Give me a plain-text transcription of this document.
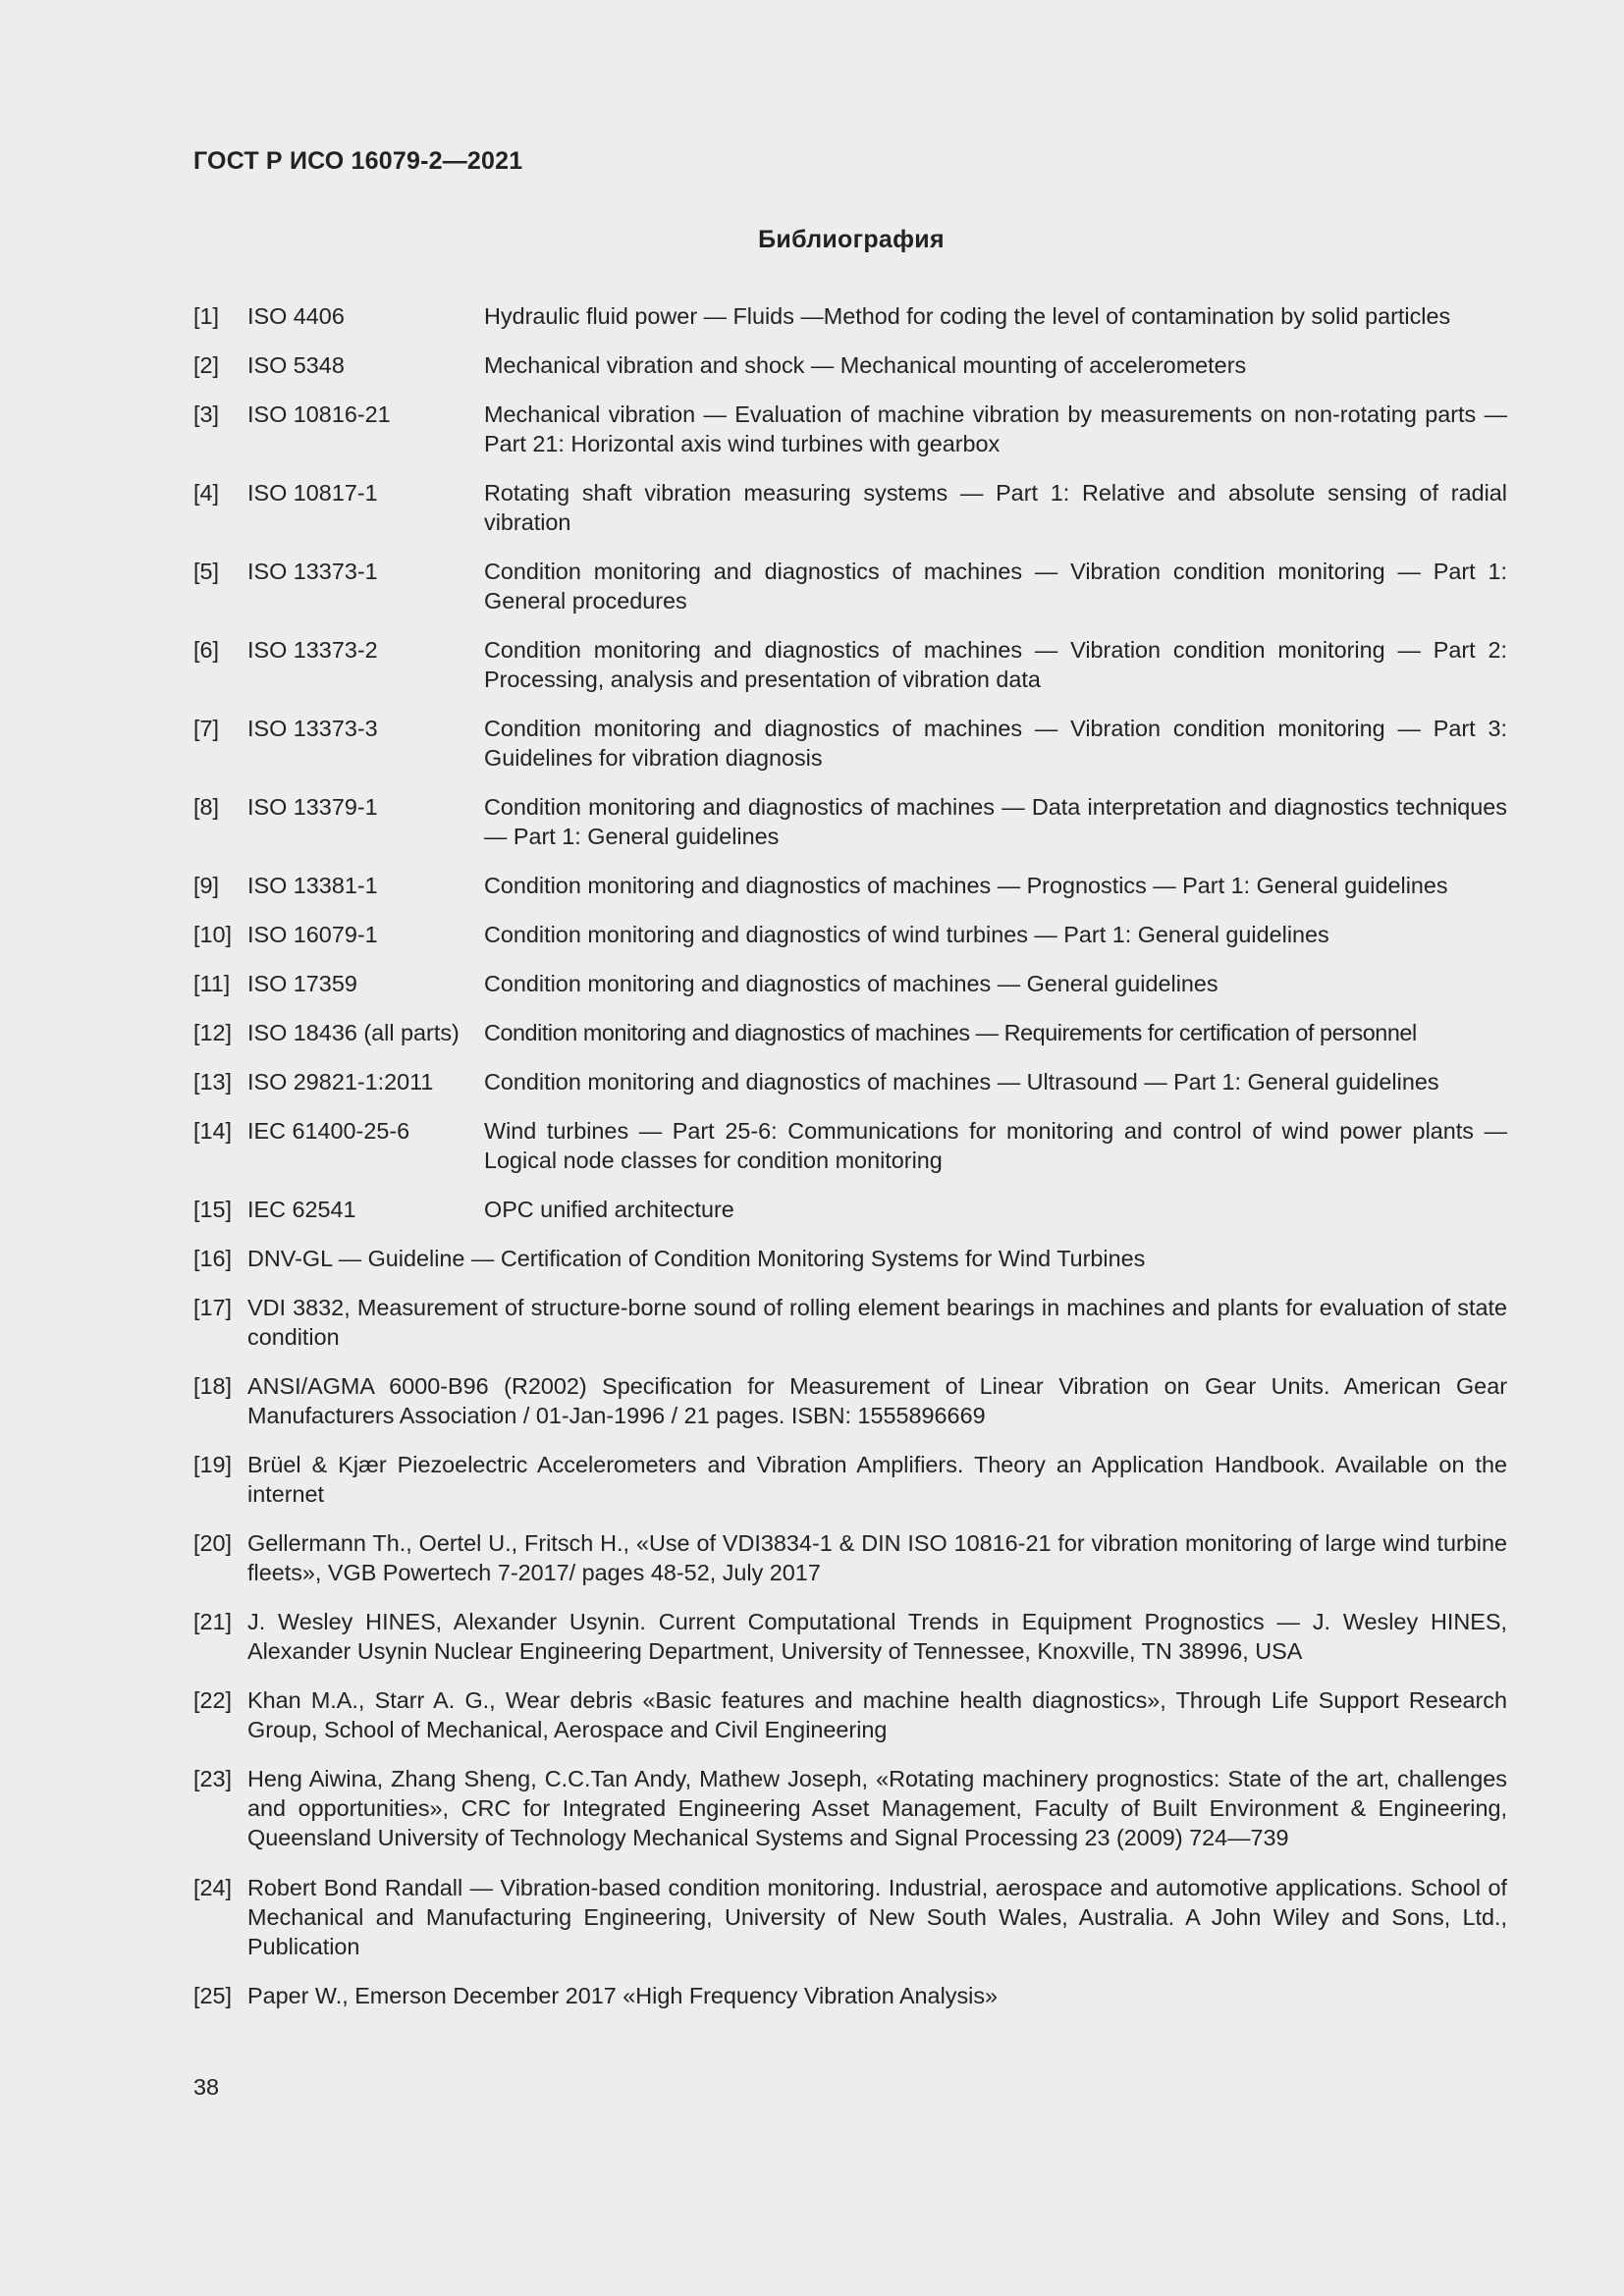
ГОСТ Р ИСО 16079-2—2021
Библиография
[1]	ISO 4406	Hydraulic fluid power — Fluids —Method for coding the level of contamination by solid particles
[2]	ISO 5348	Mechanical vibration and shock — Mechanical mounting of accelerometers
[3]	ISO 10816-21	Mechanical vibration — Evaluation of machine vibration by measurements on non-rotating parts — Part 21: Horizontal axis wind turbines with gearbox
[4]	ISO 10817-1	Rotating shaft vibration measuring systems — Part 1: Relative and absolute sensing of radial vibration
[5]	ISO 13373-1	Condition monitoring and diagnostics of machines — Vibration condition monitoring — Part 1: General procedures
[6]	ISO 13373-2	Condition monitoring and diagnostics of machines — Vibration condition monitoring — Part 2: Processing, analysis and presentation of vibration data
[7]	ISO 13373-3	Condition monitoring and diagnostics of machines — Vibration condition monitoring — Part 3: Guidelines for vibration diagnosis
[8]	ISO 13379-1	Condition monitoring and diagnostics of machines — Data interpretation and diagnostics techniques — Part 1: General guidelines
[9]	ISO 13381-1	Condition monitoring and diagnostics of machines — Prognostics — Part 1: General guidelines
[10] ISO 16079-1	Condition monitoring and diagnostics of wind turbines — Part 1: General guidelines
[11] ISO 17359	Condition monitoring and diagnostics of machines — General guidelines
[12] ISO 18436 (all parts)	Condition monitoring and diagnostics of machines — Requirements for certification of personnel
[13] ISO 29821-1:2011	Condition monitoring and diagnostics of machines — Ultrasound — Part 1: General guidelines
[14] IEC 61400-25-6	Wind turbines — Part 25-6: Communications for monitoring and control of wind power plants — Logical node classes for condition monitoring
[15] IEC 62541	OPC unified architecture
[16] DNV-GL — Guideline — Certification of Condition Monitoring Systems for Wind Turbines
[17] VDI 3832, Measurement of structure-borne sound of rolling element bearings in machines and plants for evaluation of state condition
[18] ANSI/AGMA 6000-B96 (R2002) Specification for Measurement of Linear Vibration on Gear Units. American Gear Manufacturers Association / 01-Jan-1996 / 21 pages. ISBN: 1555896669
[19] Brüel & Kjær Piezoelectric Accelerometers and Vibration Amplifiers. Theory an Application Handbook. Available on the internet
[20] Gellermann Th., Oertel U., Fritsch H., «Use of VDI3834-1 & DIN ISO 10816-21 for vibration monitoring of large wind turbine fleets», VGB Powertech 7-2017/ pages 48-52, July 2017
[21] J. Wesley HINES, Alexander Usynin. Current Computational Trends in Equipment Prognostics — J. Wesley HINES, Alexander Usynin Nuclear Engineering Department, University of Tennessee, Knoxville, TN 38996, USA
[22] Khan M.A., Starr A. G., Wear debris «Basic features and machine health diagnostics», Through Life Support Research Group, School of Mechanical, Aerospace and Civil Engineering
[23] Heng Aiwina, Zhang Sheng, C.C.Tan Andy, Mathew Joseph, «Rotating machinery prognostics: State of the art, challenges and opportunities», CRC for Integrated Engineering Asset Management, Faculty of Built Environment & Engineering, Queensland University of Technology Mechanical Systems and Signal Processing 23 (2009) 724—739
[24] Robert Bond Randall — Vibration-based condition monitoring. Industrial, aerospace and automotive applications. School of Mechanical and Manufacturing Engineering, University of New South Wales, Australia. A John Wiley and Sons, Ltd., Publication
[25] Paper W., Emerson December 2017 «High Frequency Vibration Analysis»
38
